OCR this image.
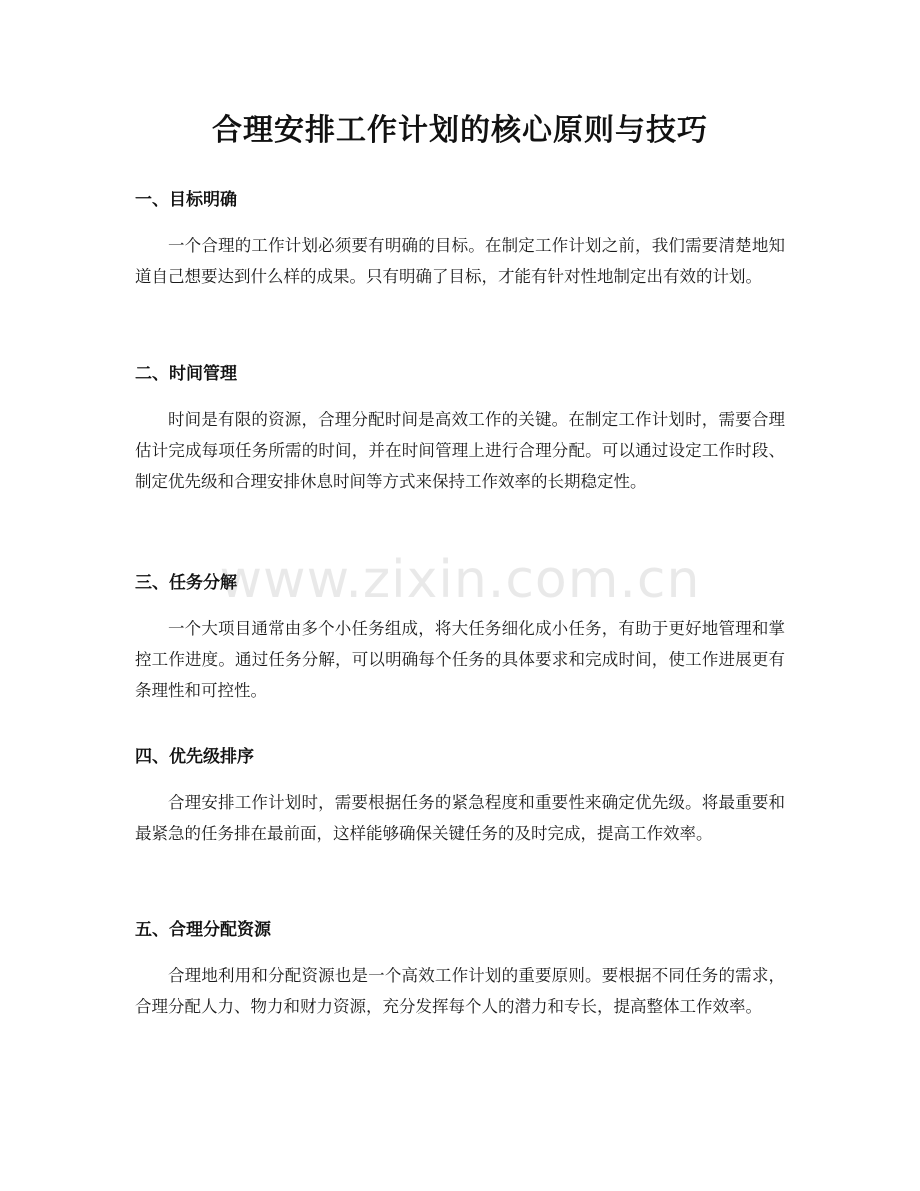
合理安排工作计划的核心原则与技巧
一、目标明确

一个合理的工作计划必须要有明确的目标。在制定工作计划之前，我们需要清楚地知道自己想要达到什么样的成果。只有明确了目标，才能有针对性地制定出有效的计划。

二、时间管理

时间是有限的资源，合理分配时间是高效工作的关键。在制定工作计划时，需要合理估计完成每项任务所需的时间，并在时间管理上进行合理分配。可以通过设定工作时段、制定优先级和合理安排休息时间等方式来保持工作效率的长期稳定性。

三、任务分解

一个大项目通常由多个小任务组成，将大任务细化成小任务，有助于更好地管理和掌控工作进度。通过任务分解，可以明确每个任务的具体要求和完成时间，使工作进展更有条理性和可控性。

四、优先级排序

合理安排工作计划时，需要根据任务的紧急程度和重要性来确定优先级。将最重要和最紧急的任务排在最前面，这样能够确保关键任务的及时完成，提高工作效率。

五、合理分配资源

合理地利用和分配资源也是一个高效工作计划的重要原则。要根据不同任务的需求，合理分配人力、物力和财力资源，充分发挥每个人的潜力和专长，提高整体工作效率。

www.zixin.com.cn
